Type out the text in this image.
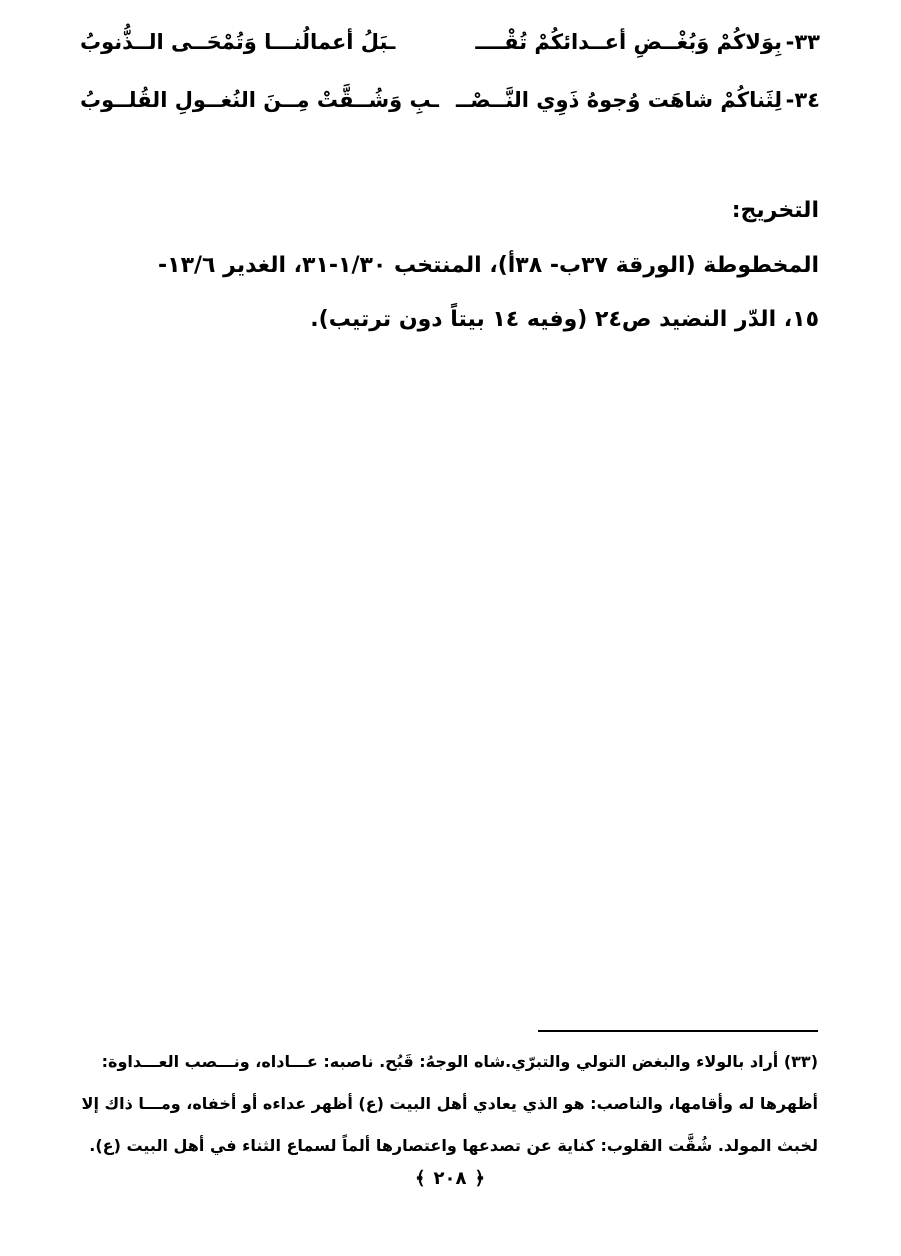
٣٣-
بِوَلاكُمْ وَبُغْــضِ أعــدائكُمْ تُقْــــ
ـبَلُ أعمالُنـــا وَتُمْحَــى الــذُّنوبُ
٣٤-
لِثَناكُمْ شاهَت وُجوهُ ذَوِي النَّــصْــ
ـبِ وَشُــقَّتْ مِــنَ النُغــولِ القُلــوبُ
التخريج:
المخطوطة (الورقة ٣٧ب- ٣٨أ)، المنتخب ١/٣٠-٣١، الغدير ١٣/٦-
١٥، الدّر النضيد ص٢٤ (وفيه ١٤ بيتاً دون ترتيب).
(٣٣) أراد بالولاء والبغض التولي والتبرّي.شاه الوجهُ: قَبُح. ناصبه: عـــاداه، ونـــصب العـــداوة:
أظهرها له وأقامها، والناصب: هو الذي يعادي أهل البيت (ع) أظهر عداءه أو أخفاه، ومـــا ذاك إلا
لخبث المولد. شُقَّت القلوب: كناية عن تصدعها واعتصارها ألماً لسماع الثناء في أهل البيت (ع).
﴿٢٠٨﴾
